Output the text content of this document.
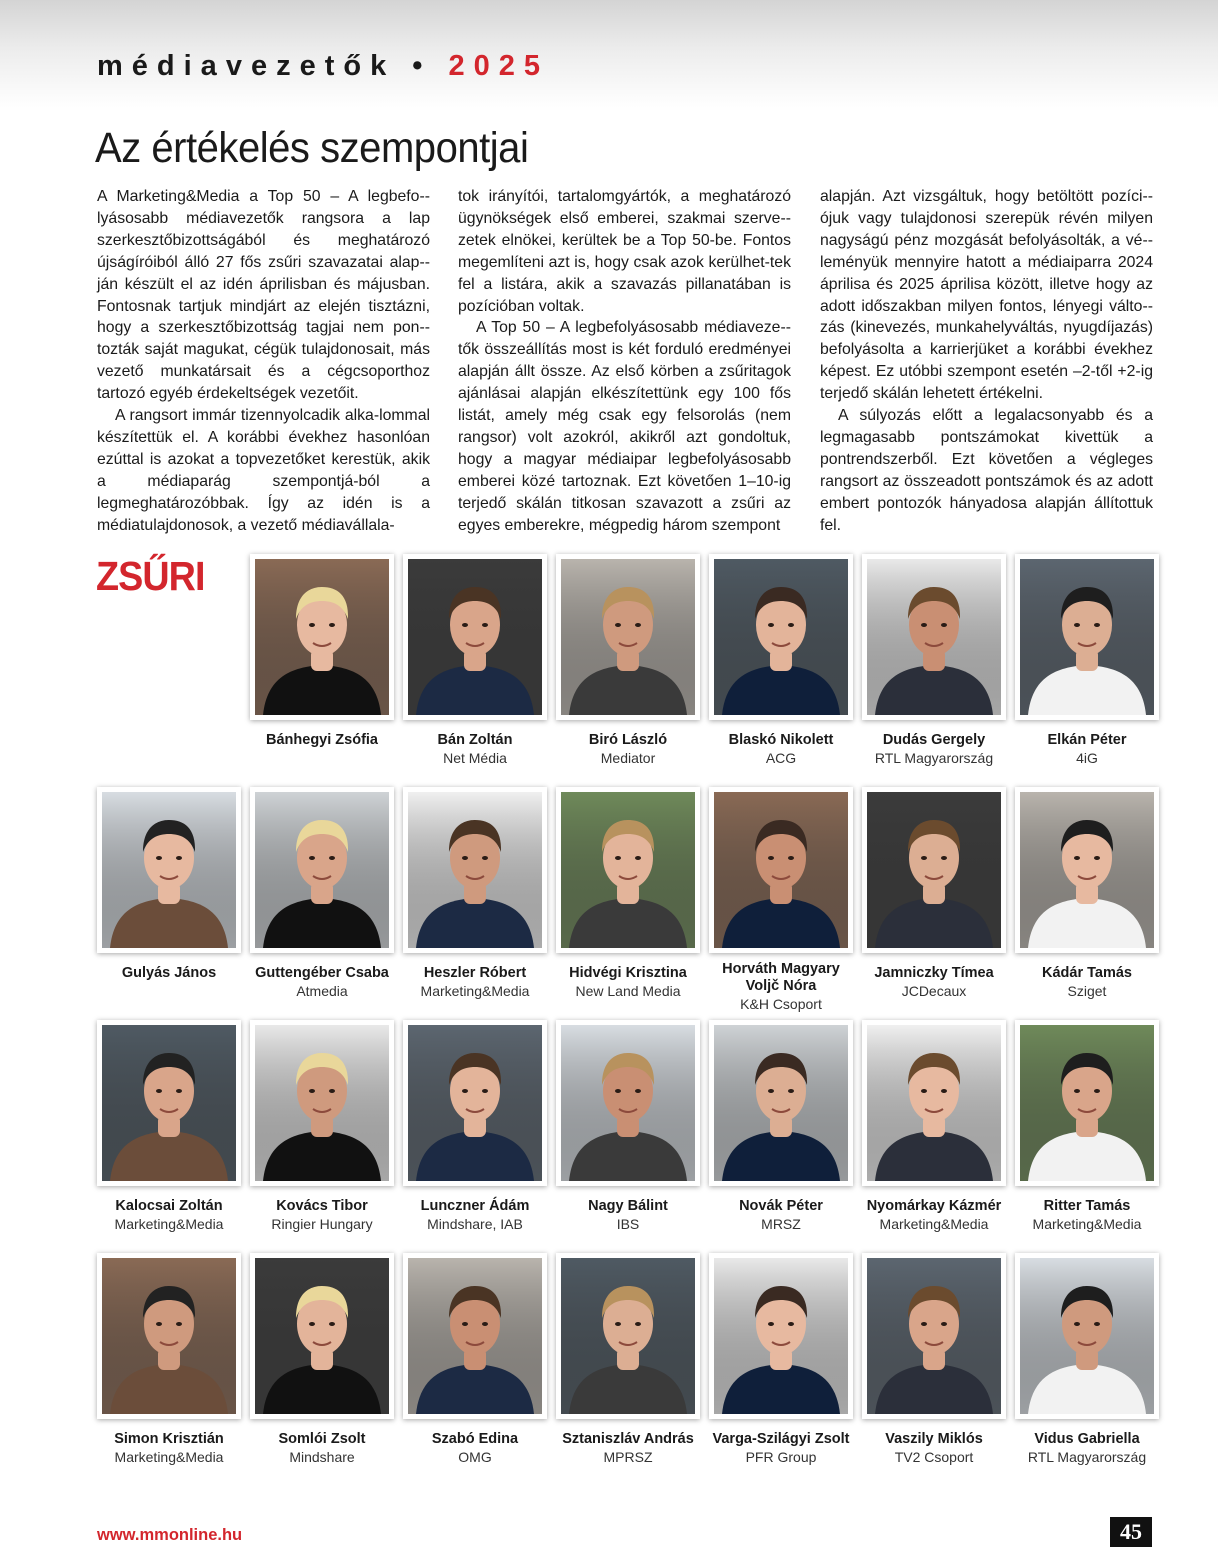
médiavezetők • 2025
Az értékelés szempontjai

A Marketing&Media a Top 50 – A legbefo-lyásosabb médiavezetők rangsora a lap szerkesztőbizottságából és meghatározó újságíróiból álló 27 fős zsűri szavazatai alap-ján készült el az idén áprilisban és májusban. Fontosnak tartjuk mindjárt az elején tisztázni, hogy a szerkesztőbizottság tagjai nem pon-tozták saját magukat, cégük tulajdonosait, más vezető munkatársait és a cégcsoporthoz tartozó egyéb érdekeltségek vezetőit.

A rangsort immár tizennyolcadik alka-lommal készítettük el. A korábbi évekhez hasonlóan ezúttal is azokat a topvezetőket kerestük, akik a médiaparág szempontjá-ból a legmeghatározóbbak. Így az idén is a médiatulajdonosok, a vezető médiavállala-

tok irányítói, tartalomgyártók, a meghatározó ügynökségek első emberei, szakmai szerve-zetek elnökei, kerültek be a Top 50-be. Fontos megemlíteni azt is, hogy csak azok kerülhet-tek fel a listára, akik a szavazás pillanatában is pozícióban voltak.

A Top 50 – A legbefolyásosabb médiaveze-tők összeállítás most is két forduló eredményei alapján állt össze. Az első körben a zsűritagok ajánlásai alapján elkészítettünk egy 100 fős listát, amely még csak egy felsorolás (nem rangsor) volt azokról, akikről azt gondoltuk, hogy a magyar médiaipar legbefolyásosabb emberei közé tartoznak. Ezt követően 1–10-ig terjedő skálán titkosan szavazott a zsűri az egyes emberekre, mégpedig három szempont

alapján. Azt vizsgáltuk, hogy betöltött pozíci-ójuk vagy tulajdonosi szerepük révén milyen nagyságú pénz mozgását befolyásolták, a vé-leményük mennyire hatott a médiaiparra 2024 áprilisa és 2025 áprilisa között, illetve hogy az adott időszakban milyen fontos, lényegi válto-zás (kinevezés, munkahelyváltás, nyugdíjazás) befolyásolta a karrierjüket a korábbi évekhez képest. Ez utóbbi szempont esetén –2-től +2-ig terjedő skálán lehetett értékelni.

A súlyozás előtt a legalacsonyabb és a legmagasabb pontszámokat kivettük a pontrendszerből. Ezt követően a végleges rangsort az összeadott pontszámok és az adott embert pontozók hányadosa alapján állítottuk fel.

ZSŰRI
Bánhegyi Zsófia	Bán Zoltán
Net Média
Biró László
Mediator
Blaskó Nikolett
ACG
Dudás Gergely
RTL Magyarország
Elkán Péter
4iG
Gulyás János	Guttengéber Csaba
Atmedia
Heszler Róbert
Marketing&Media
Hidvégi Krisztina
New Land Media
Horváth Magyary Voljč Nóra
K&H Csoport
Jamniczky Tímea
JCDecaux
Kádár Tamás
Sziget
Kalocsai Zoltán
Marketing&Media
Kovács Tibor
Ringier Hungary
Lunczner Ádám
Mindshare, IAB
Nagy Bálint
IBS
Novák Péter
MRSZ
Nyomárkay Kázmér
Marketing&Media
Ritter Tamás
Marketing&Media
Simon Krisztián
Marketing&Media
Somlói Zsolt
Mindshare
Szabó Edina
OMG
Sztaniszláv András
MPRSZ
Varga-Szilágyi Zsolt
PFR Group
Vaszily Miklós
TV2 Csoport
Vidus Gabriella
RTL Magyarország
www.mmonline.hu	45
